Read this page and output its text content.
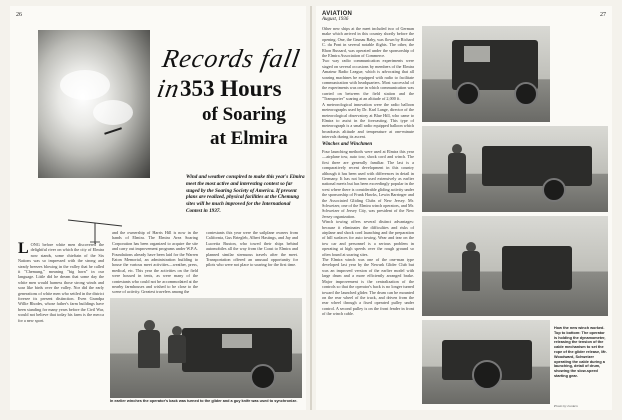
26
Records fall in
353 Hours
of Soaring
at Elmira
Wind and weather conspired to make this year's Elmira meet the most active and interesting contest so far staged by the Soaring Society of America. If present plans are realized, physical facilities at the Chemung sites will be much improved for the International Contest in 1937.
LONG before white men discovered the delightful river on which the city of Elmira now stands, some chieftain of the Six Nations was so impressed with the strong and steady breezes blowing in the valley that he called it "Chemung," meaning "big horn" in our language. Little did he dream that some day the white men would harness those strong winds and soar like birds over the valley. Nor did the early generations of white men who settled in the district foresee its present distinction. Even Grandpa Willie Rhodes, whose father's farm buildings have been standing for many years before the Civil War, would not believe that today his farm is the mecca for a new sport.
and the ownership of Harris Hill is now in the hands of Elmira. The Elmira Area Soaring Corporation has been organized to acquire the site and carry out improvement programs under W.P.A. Foundations already have been laid for the Warren Eaton Memorial, an administration building to house the various meet activities—weather, press, medical, etc. This year the activities on the field were housed in tents, as were many of the contestants who could not be accommodated at the nearby farmhouses and wished to be close to the scene of activity. Greatest travelers among the
contestants this year were the sailplane owners from California, Gus Briegleb, Albert Hastings, and Jay and Lucretia Buxton, who towed their ships behind automobiles all the way from the Coast to Elmira and planned similar strenuous travels after the meet. Transportation offered an unusual opportunity for pilots who were not place to soaring for the first time.
In earlier winches the operator's back was turned to the glider and a guy knife was used to synchronize.
AVIATION
August, 1936
27
Other new ships at the meet included two of German make which arrived in this country shortly before the opening. One, the Grunau Baby, was flown by Richard C. du Pont in several notable flights. The other, the Rhon Bussard, was operated under the sponsorship of the Elmira Association of Commerce.
Two way radio communication experiments were staged on several occasions by members of the Elmira Amateur Radio League, which is advocating that all soaring machines be equipped with radio to facilitate communication with headquarters. Most successful of the experiments was one in which communication was carried on between the field station and the "Transporter" soaring at an altitude of 2,000 ft.
A meteorological innovation were the radio balloon meteorographs used by Dr. Karl Lange, director of the meteorological observatory at Blue Hill, who came to Elmira to assist in the forecasting. This type of meteorograph is a small radio equipped balloon which broadcasts altitude and temperature at one-minute intervals during its ascent.
Winches and Winchmen
Four launching methods were used at Elmira this year—airplane tow, auto tow, shock cord and winch. The first three are generally familiar. The last is a comparatively recent development in this country although it has been used with differences in detail in Germany. It has not been used extensively as earlier national meets but has been exceedingly popular in the west where there is considerable gliding activity under the sponsorship of Frank Hawks, Lewin Barringer and the Associated Gliding Clubs of New Jersey. Mr. Schweizer, one of the Elmira winch operators, and Mr. Schweizer of Jersey City, was president of the New Jersey organization.
Winch towing offers several distinct advantages: because it eliminates the difficulties and risks of airplane and shock cord launching and the preparation of hill surfaces for auto towing. Wear and tear on the tow car and personnel is a serious problem in operating at high speeds over the rough ground so often found at soaring sites.
The Elmira winch was one of the one-man type developed last year by the Newark Glider Club but was an improved version of the earlier model with large drum and a more efficiently arranged brake. Major improvement is the centralization of the controls so that the operator's back is no longer turned toward the launched glider. The drum can be mounted on the rear wheel of the truck, and driven from the rear wheel through a fixed operated pulley under control. A second pulley is on the front fender in front of the winch cable.
How the new winch worked. Top to bottom: The operator is holding the dynamometer, releasing the tension of the cable mechanism to set the rope of the glider release, Mr. Woodward, Schweizer operating the cable during a launching, detail of drum, showing the slow-speed starting gear.
Photo by Lunken
